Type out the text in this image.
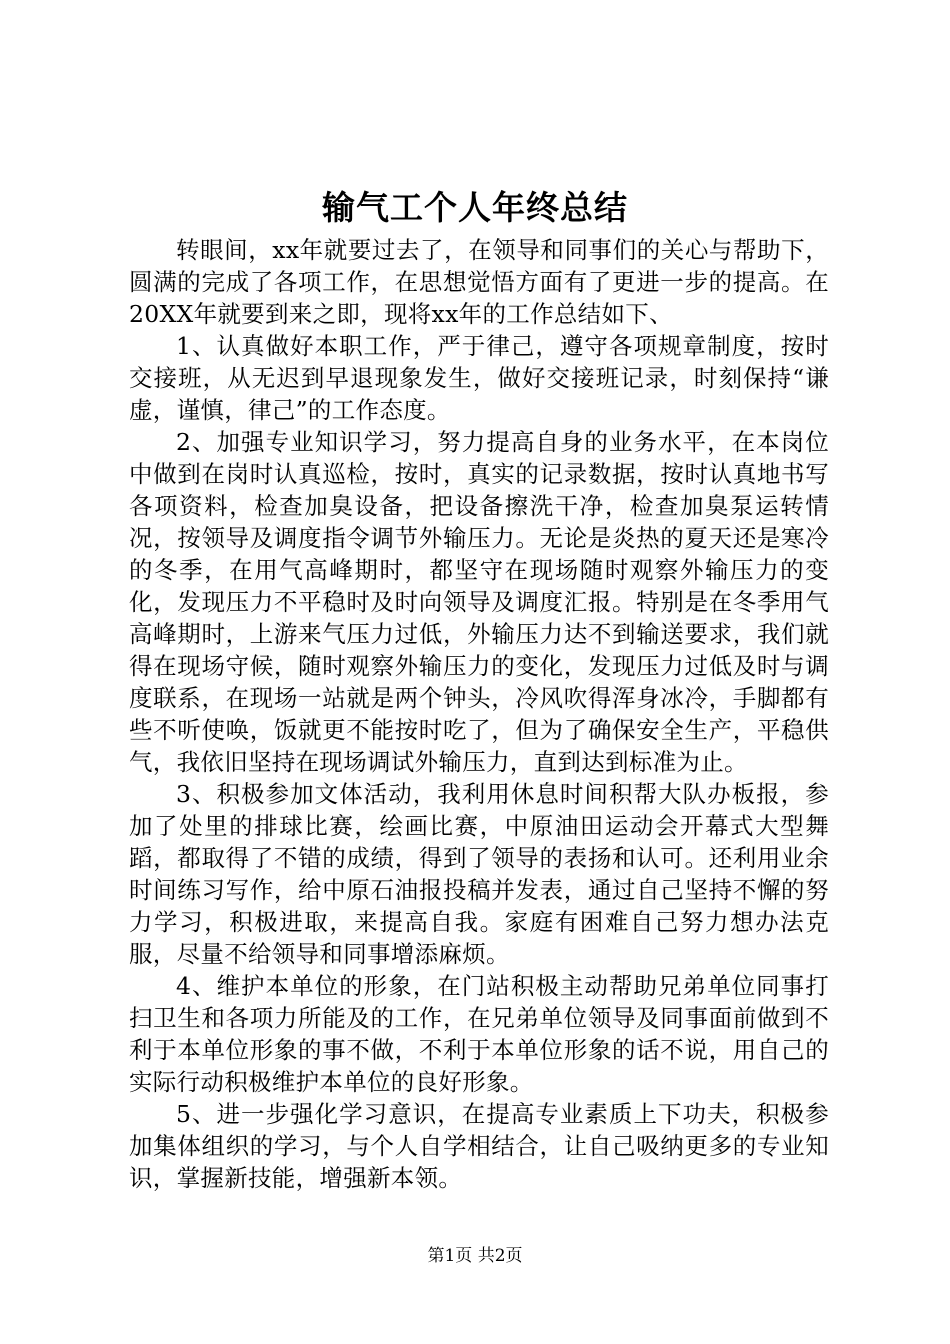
输气工个人年终总结

转眼间，xx年就要过去了，在领导和同事们的关心与帮助下，圆满的完成了各项工作，在思想觉悟方面有了更进一步的提高。在20XX年就要到来之即，现将xx年的工作总结如下、

1、认真做好本职工作，严于律己，遵守各项规章制度，按时交接班，从无迟到早退现象发生，做好交接班记录，时刻保持“谦虚，谨慎，律己”的工作态度。

2、加强专业知识学习，努力提高自身的业务水平，在本岗位中做到在岗时认真巡检，按时，真实的记录数据，按时认真地书写各项资料，检查加臭设备，把设备擦洗干净，检查加臭泵运转情况，按领导及调度指令调节外输压力。无论是炎热的夏天还是寒冷的冬季，在用气高峰期时，都坚守在现场随时观察外输压力的变化，发现压力不平稳时及时向领导及调度汇报。特别是在冬季用气高峰期时，上游来气压力过低，外输压力达不到输送要求，我们就得在现场守候，随时观察外输压力的变化，发现压力过低及时与调度联系，在现场一站就是两个钟头，冷风吹得浑身冰冷，手脚都有些不听使唤，饭就更不能按时吃了，但为了确保安全生产，平稳供气，我依旧坚持在现场调试外输压力，直到达到标准为止。

3、积极参加文体活动，我利用休息时间积帮大队办板报，参加了处里的排球比赛，绘画比赛，中原油田运动会开幕式大型舞蹈，都取得了不错的成绩，得到了领导的表扬和认可。还利用业余时间练习写作，给中原石油报投稿并发表，通过自己坚持不懈的努力学习，积极进取，来提高自我。家庭有困难自己努力想办法克服，尽量不给领导和同事增添麻烦。

4、维护本单位的形象，在门站积极主动帮助兄弟单位同事打扫卫生和各项力所能及的工作，在兄弟单位领导及同事面前做到不利于本单位形象的事不做，不利于本单位形象的话不说，用自己的实际行动积极维护本单位的良好形象。

5、进一步强化学习意识，在提高专业素质上下功夫，积极参加集体组织的学习，与个人自学相结合，让自己吸纳更多的专业知识，掌握新技能，增强新本领。

第1页 共2页
